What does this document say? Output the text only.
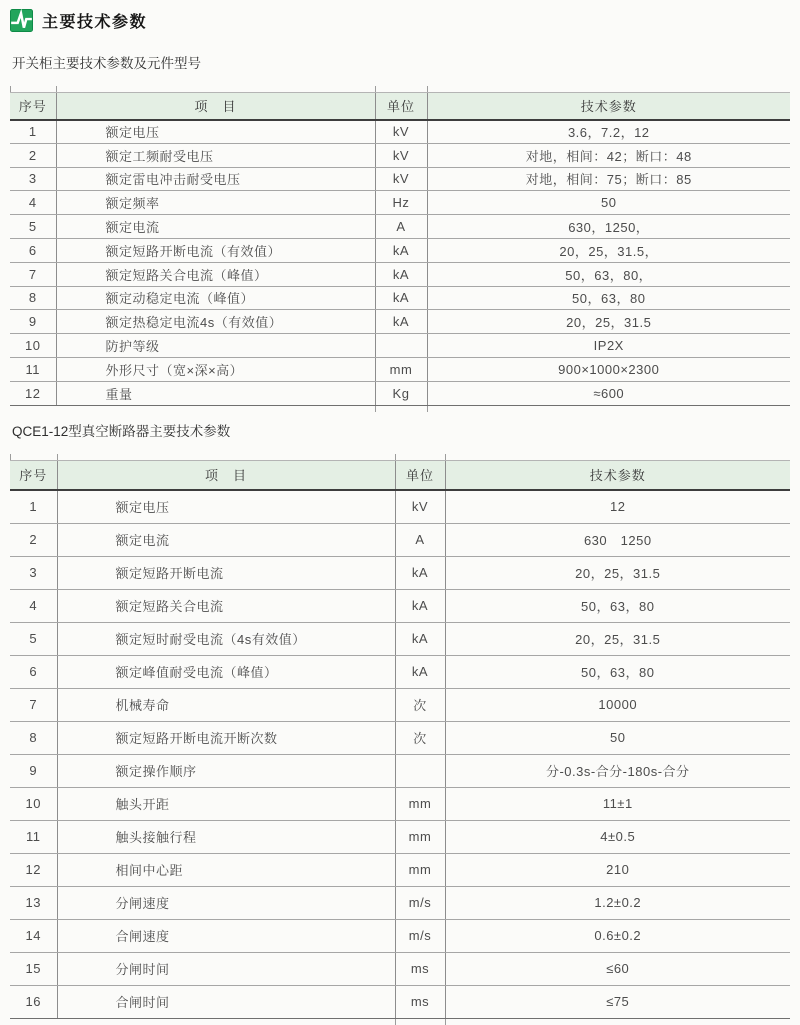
主要技术参数
开关柜主要技术参数及元件型号
序号	项　目	单位	技术参数
1	额定电压	kV	3.6，7.2，12
2	额定工频耐受电压	kV	对地，相间：42；断口：48
3	额定雷电冲击耐受电压	kV	对地，相间：75；断口：85
4	额定频率	Hz	50
5	额定电流	A	630，1250，
6	额定短路开断电流（有效值）	kA	20，25，31.5，
7	额定短路关合电流（峰值）	kA	50，63，80，
8	额定动稳定电流（峰值）	kA	50，63，80
9	额定热稳定电流4s（有效值）	kA	20，25，31.5
10	防护等级		IP2X
11	外形尺寸（宽×深×高）	mm	900×1000×2300
12	重量	Kg	≈600
QCE1-12型真空断路器主要技术参数
序号	项　目	单位	技术参数
1	额定电压	kV	12
2	额定电流	A	630　1250
3	额定短路开断电流	kA	20，25，31.5
4	额定短路关合电流	kA	50，63，80
5	额定短时耐受电流（4s有效值）	kA	20，25，31.5
6	额定峰值耐受电流（峰值）	kA	50，63，80
7	机械寿命	次	10000
8	额定短路开断电流开断次数	次	50
9	额定操作顺序		分-0.3s-合分-180s-合分
10	触头开距	mm	11±1
11	触头接触行程	mm	4±0.5
12	相间中心距	mm	210
13	分闸速度	m/s	1.2±0.2
14	合闸速度	m/s	0.6±0.2
15	分闸时间	ms	≤60
16	合闸时间	ms	≤75
